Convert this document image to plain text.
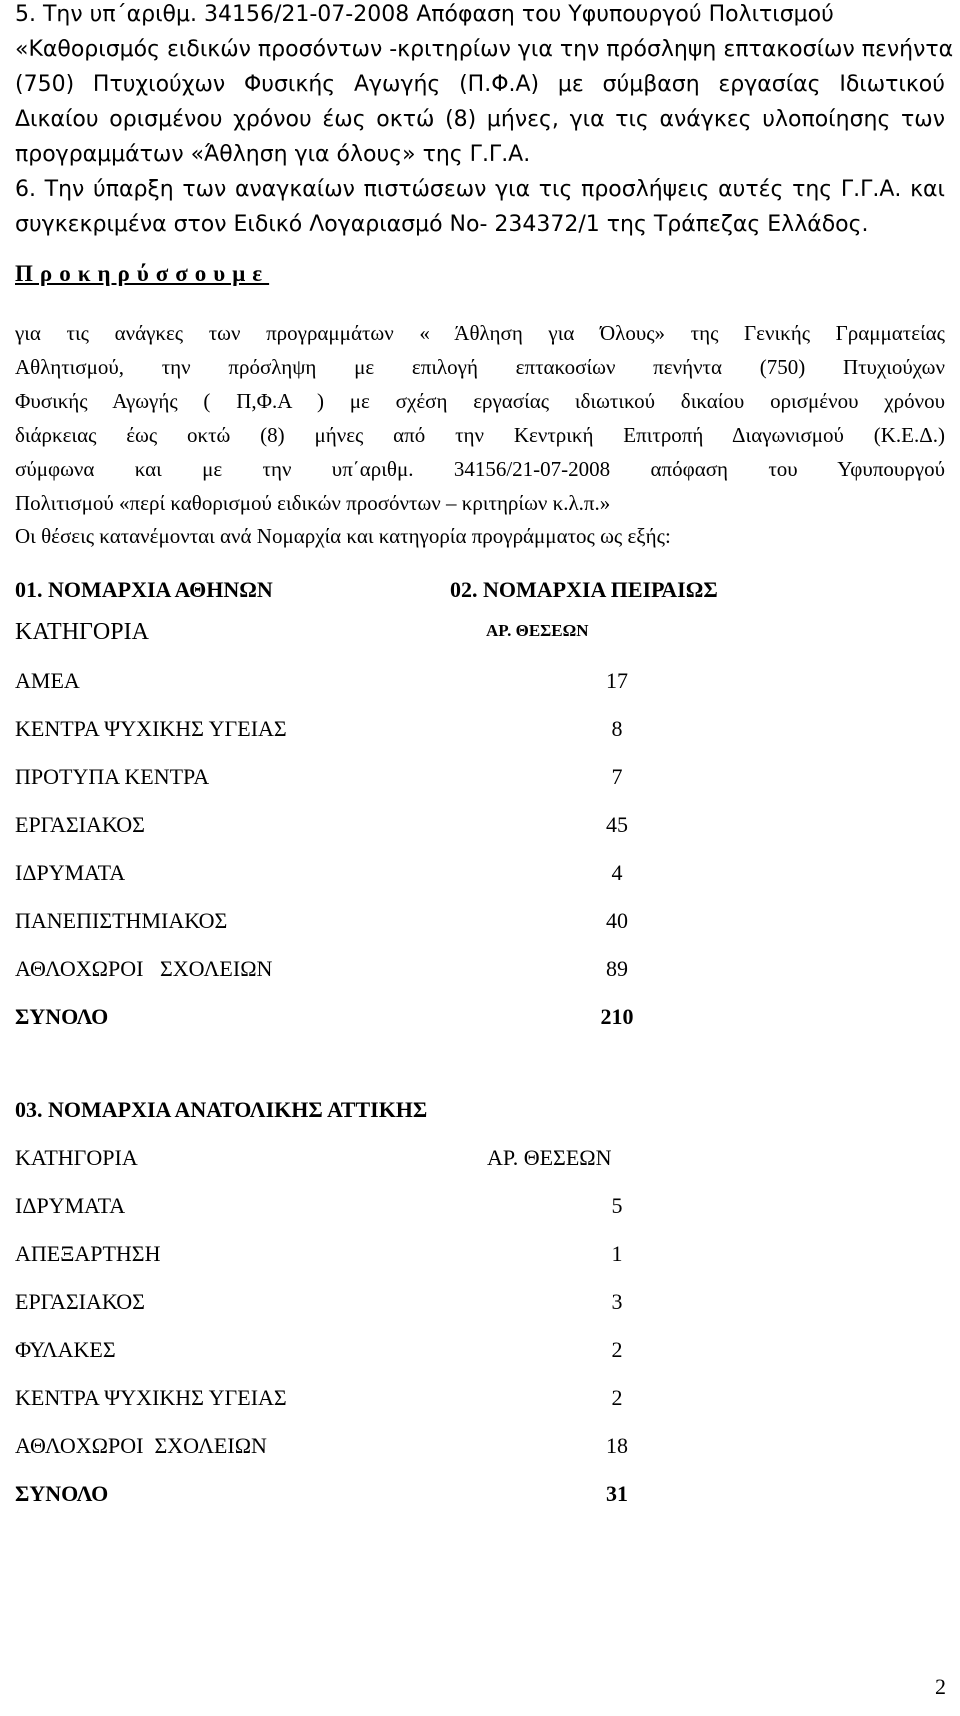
5. Την υπ΄αριθμ. 34156/21-07-2008 Απόφαση του Υφυπουργού Πολιτισμού
«Καθορισμός ειδικών προσόντων -κριτηρίων για την πρόσληψη επτακοσίων πενήντα
(750) Πτυχιούχων Φυσικής Αγωγής (Π.Φ.Α) με σύμβαση εργασίας Ιδιωτικού
Δικαίου ορισμένου χρόνου έως οκτώ (8) μήνες, για τις ανάγκες υλοποίησης των
προγραμμάτων «Άθληση για όλους» της Γ.Γ.Α.
6. Την ύπαρξη των αναγκαίων πιστώσεων για τις προσλήψεις αυτές της Γ.Γ.Α. και
συγκεκριμένα στον Ειδικό Λογαριασμό Νο- 234372/1 της Τράπεζας Ελλάδος.
Προκηρύσσουμε
για τις ανάγκες των προγραμμάτων « Άθληση για Όλους» της Γενικής Γραμματείας
Αθλητισμού, την πρόσληψη με επιλογή επτακοσίων πενήντα (750) Πτυχιούχων
Φυσικής Αγωγής ( Π,Φ.Α ) με σχέση εργασίας ιδιωτικού δικαίου ορισμένου χρόνου
διάρκειας έως οκτώ (8) μήνες από την Κεντρική Επιτροπή Διαγωνισμού (Κ.Ε.Δ.)
σύμφωνα και με την υπ΄αριθμ. 34156/21-07-2008 απόφαση του Υφυπουργού
Πολιτισμού «περί καθορισμού ειδικών προσόντων – κριτηρίων κ.λ.π.»
Οι θέσεις κατανέμονται ανά Νομαρχία και κατηγορία προγράμματος ως εξής:
01. ΝΟΜΑΡΧΙΑ ΑΘΗΝΩΝ	02. ΝΟΜΑΡΧΙΑ ΠΕΙΡΑΙΩΣ
ΚΑΤΗΓΟΡΙΑ	ΑΡ. ΘΕΣΕΩΝ
ΑΜΕΑ	17
ΚΕΝΤΡΑ ΨΥΧΙΚΗΣ ΥΓΕΙΑΣ	8
ΠΡΟΤΥΠΑ ΚΕΝΤΡΑ	7
ΕΡΓΑΣΙΑΚΟΣ	45
ΙΔΡΥΜΑΤΑ	4
ΠΑΝΕΠΙΣΤΗΜΙΑΚΟΣ	40
ΑΘΛΟΧΩΡΟΙ   ΣΧΟΛΕΙΩΝ	89
ΣΥΝΟΛΟ	210
03. ΝΟΜΑΡΧΙΑ ΑΝΑΤΟΛΙΚΗΣ ΑΤΤΙΚΗΣ
ΚΑΤΗΓΟΡΙΑ	ΑΡ. ΘΕΣΕΩΝ
ΙΔΡΥΜΑΤΑ	5
ΑΠΕΞΑΡΤΗΣΗ	1
ΕΡΓΑΣΙΑΚΟΣ	3
ΦΥΛΑΚΕΣ	2
ΚΕΝΤΡΑ ΨΥΧΙΚΗΣ ΥΓΕΙΑΣ	2
ΑΘΛΟΧΩΡΟΙ  ΣΧΟΛΕΙΩΝ	18
ΣΥΝΟΛΟ	31
2
